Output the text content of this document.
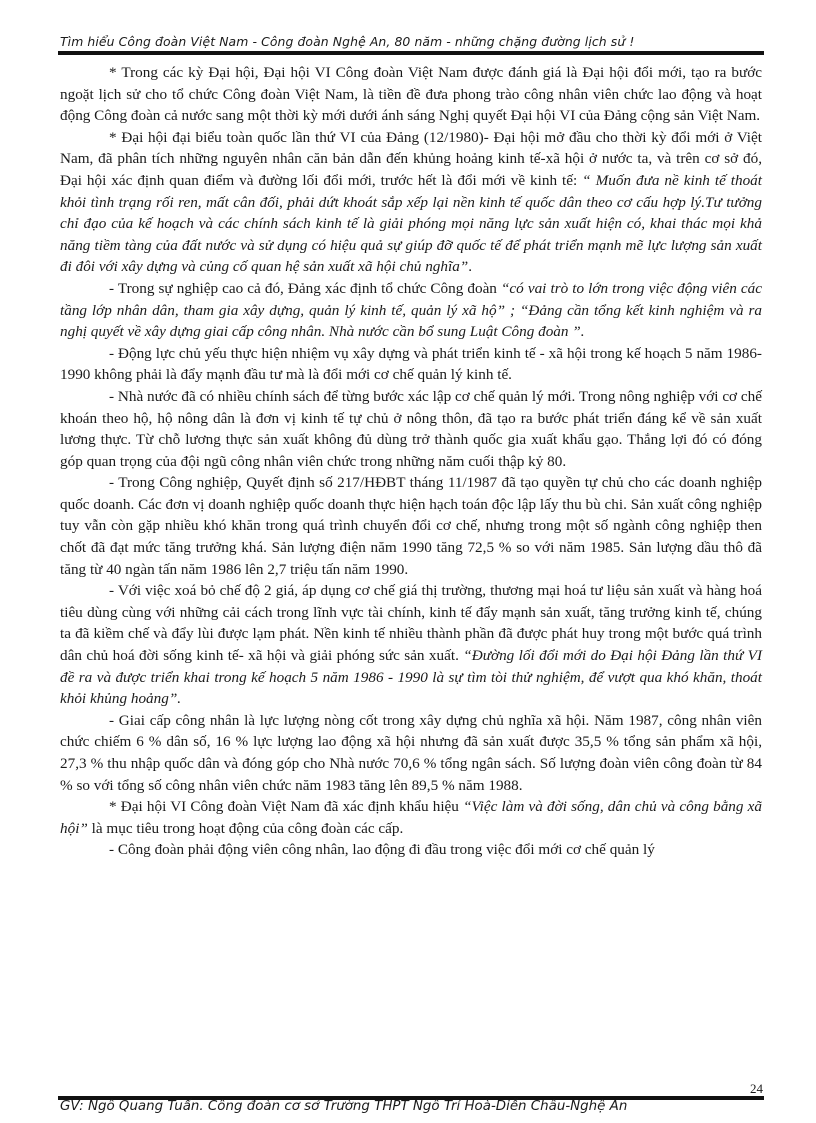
Tìm hiểu Công đoàn Việt Nam - Công đoàn Nghệ An, 80 năm - những chặng đường lịch sử !

* Trong các kỳ Đại hội, Đại hội VI Công đoàn Việt Nam được đánh giá là Đại hội đổi mới, tạo ra bước ngoặt lịch sử cho tổ chức Công đoàn Việt Nam, là tiền đề đưa phong trào công nhân viên chức lao động và hoạt động Công đoàn cả nước sang một thời kỳ mới dưới ánh sáng Nghị quyết Đại hội VI của Đảng cộng sản Việt Nam.

* Đại hội đại biểu toàn quốc lần thứ VI của Đảng (12/1980)- Đại hội mở đầu cho thời kỳ đổi mới ở Việt Nam, đã phân tích những nguyên nhân căn bản dẫn đến khủng hoảng kinh tế-xã hội ở nước ta, và trên cơ sở đó, Đại hội xác định quan điểm và đường lối đổi mới, trước hết là đổi mới về kinh tế: “ Muốn đưa nề kinh tế thoát khỏi tình trạng rối ren, mất cân đối, phải dứt khoát sắp xếp lại nền kinh tế quốc dân theo cơ cấu hợp lý.Tư tưởng chỉ đạo của kế hoạch và các chính sách kinh tế là giải phóng mọi năng lực sản xuất hiện có, khai thác mọi khả năng tiềm tàng của đất nước và sử dụng có hiệu quả sự giúp đỡ quốc tế để phát triển mạnh mẽ lực lượng sản xuất đi đôi với xây dựng và củng cố quan hệ sản xuất xã hội chủ nghĩa”.

- Trong sự nghiệp cao cả đó, Đảng xác định tổ chức Công đoàn “có vai trò to lớn trong việc động viên các tầng lớp nhân dân, tham gia xây dựng, quản lý kinh tế, quản lý xã hộ” ; “Đảng cần tổng kết kinh nghiệm và ra nghị quyết về xây dựng giai cấp công nhân. Nhà nước cần bổ sung Luật Công đoàn ”.

- Động lực chủ yếu thực hiện nhiệm vụ xây dựng và phát triển kinh tế - xã hội trong kế hoạch 5 năm 1986-1990 không phải là đẩy mạnh đầu tư mà là đổi mới cơ chế quản lý kinh tế.

- Nhà nước đã có nhiều chính sách để từng bước xác lập cơ chế quản lý mới. Trong nông nghiệp với cơ chế khoán theo hộ, hộ nông dân là đơn vị kinh tế tự chủ ở nông thôn, đã tạo ra bước phát triển đáng kể về sản xuất lương thực. Từ chỗ lương thực sản xuất không đủ dùng trở thành quốc gia xuất khẩu gạo. Thắng lợi đó có đóng góp quan trọng của đội ngũ công nhân viên chức trong những năm cuối thập kỷ 80.

- Trong Công nghiệp, Quyết định số 217/HĐBT tháng 11/1987 đã tạo quyền tự chủ cho các doanh nghiệp quốc doanh. Các đơn vị doanh nghiệp quốc doanh thực hiện hạch toán độc lập lấy thu bù chi. Sản xuất công nghiệp tuy vẫn còn gặp nhiều khó khăn trong quá trình chuyển đổi cơ chế, nhưng trong một số ngành công nghiệp then chốt đã đạt mức tăng trưởng khá. Sản lượng điện năm 1990 tăng 72,5 % so với năm 1985. Sản lượng dầu thô đã tăng từ 40 ngàn tấn năm 1986 lên 2,7 triệu tấn năm 1990.

- Với việc xoá bỏ chế độ 2 giá, áp dụng cơ chế giá thị trường, thương mại hoá tư liệu sản xuất và hàng hoá tiêu dùng cùng với những cải cách trong lĩnh vực tài chính, kinh tế đẩy mạnh sản xuất, tăng trưởng kinh tế, chúng ta đã kiềm chế và đẩy lùi được lạm phát. Nền kinh tế nhiều thành phần đã được phát huy trong một bước quá trình dân chủ hoá đời sống kinh tế- xã hội và giải phóng sức sản xuất. “Đường lối đổi mới do Đại hội Đảng lần thứ VI đề ra và được triển khai trong kế hoạch 5 năm 1986 - 1990 là sự tìm tòi thử nghiệm, để vượt qua khó khăn, thoát khỏi khủng hoảng”.

- Giai cấp công nhân là lực lượng nòng cốt trong xây dựng chủ nghĩa xã hội. Năm 1987, công nhân viên chức chiếm 6 % dân số, 16 % lực lượng lao động xã hội nhưng đã sản xuất được 35,5 % tổng sản phẩm xã hội, 27,3 % thu nhập quốc dân và đóng góp cho Nhà nước 70,6 % tổng ngân sách. Số lượng đoàn viên công đoàn từ 84 % so với tổng số công nhân viên chức năm 1983 tăng lên 89,5 % năm 1988.

* Đại hội VI Công đoàn Việt Nam đã xác định khẩu hiệu “Việc làm và đời sống, dân chủ và công bằng xã hội” là mục tiêu trong hoạt động của công đoàn các cấp.

- Công đoàn phải động viên công nhân, lao động đi đầu trong việc đổi mới cơ chế quản lý

24
GV: Ngô Quang Tuấn. Công đoàn cơ sở Trường THPT Ngô Trí Hoà-Diễn Châu-Nghệ An
